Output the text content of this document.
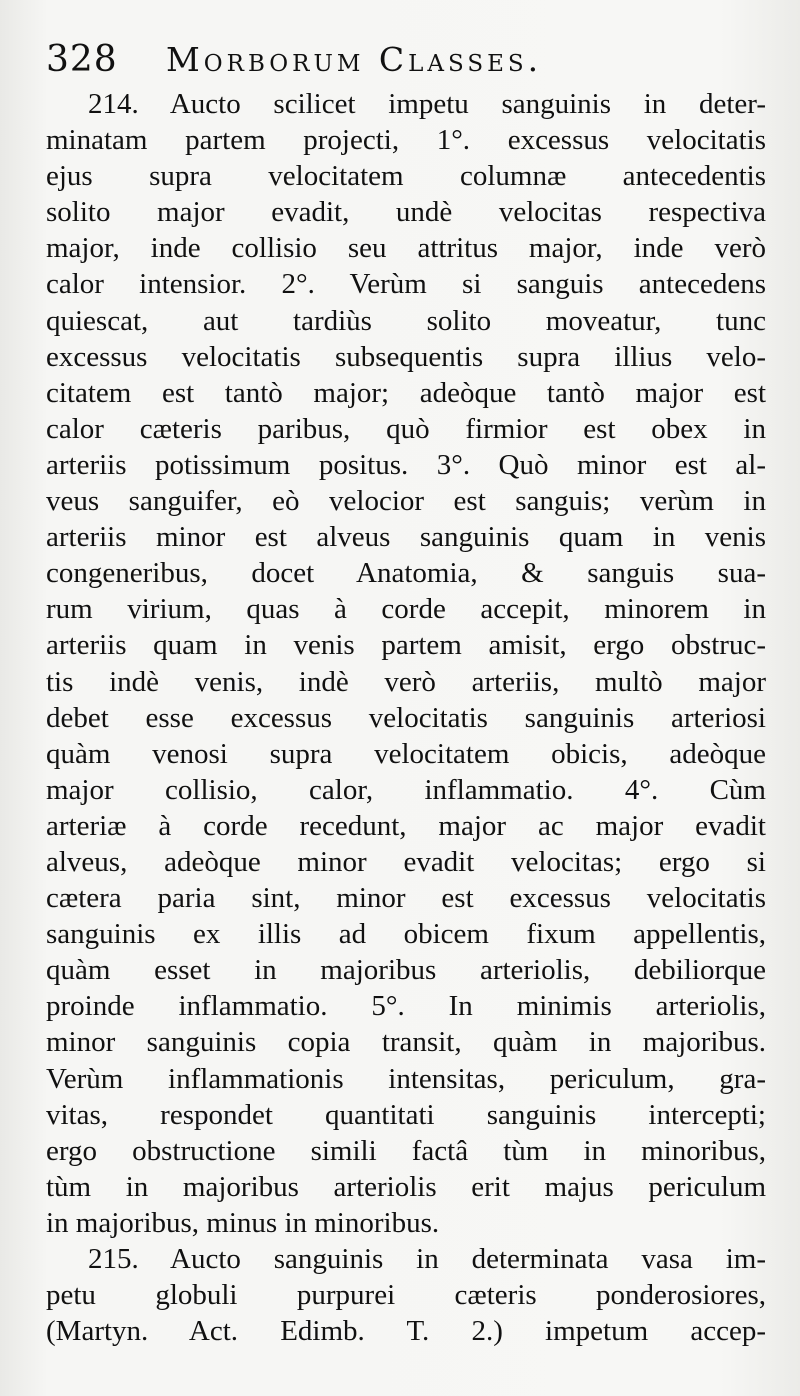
328 Morborum Classes.
214. Aucto scilicet impetu sanguinis in deter-
minatam partem projecti, 1°. excessus velocitatis
ejus supra velocitatem columnæ antecedentis
solito major evadit, undè velocitas respectiva
major, inde collisio seu attritus major, inde verò
calor intensior. 2°. Verùm si sanguis antecedens
quiescat, aut tardiùs solito moveatur, tunc
excessus velocitatis subsequentis supra illius velo-
citatem est tantò major; adeòque tantò major est
calor cæteris paribus, quò firmior est obex in
arteriis potissimum positus. 3°. Quò minor est al-
veus sanguifer, eò velocior est sanguis; verùm in
arteriis minor est alveus sanguinis quam in venis
congeneribus, docet Anatomia, & sanguis sua-
rum virium, quas à corde accepit, minorem in
arteriis quam in venis partem amisit, ergo obstruc-
tis indè venis, indè verò arteriis, multò major
debet esse excessus velocitatis sanguinis arteriosi
quàm venosi supra velocitatem obicis, adeòque
major collisio, calor, inflammatio. 4°. Cùm
arteriæ à corde recedunt, major ac major evadit
alveus, adeòque minor evadit velocitas; ergo si
cætera paria sint, minor est excessus velocitatis
sanguinis ex illis ad obicem fixum appellentis,
quàm esset in majoribus arteriolis, debiliorque
proinde inflammatio. 5°. In minimis arteriolis,
minor sanguinis copia transit, quàm in majoribus.
Verùm inflammationis intensitas, periculum, gra-
vitas, respondet quantitati sanguinis intercepti;
ergo obstructione simili factâ tùm in minoribus,
tùm in majoribus arteriolis erit majus periculum
in majoribus, minus in minoribus.
215. Aucto sanguinis in determinata vasa im-
petu globuli purpurei cæteris ponderosiores,
(Martyn. Act. Edimb. T. 2.) impetum accep-
